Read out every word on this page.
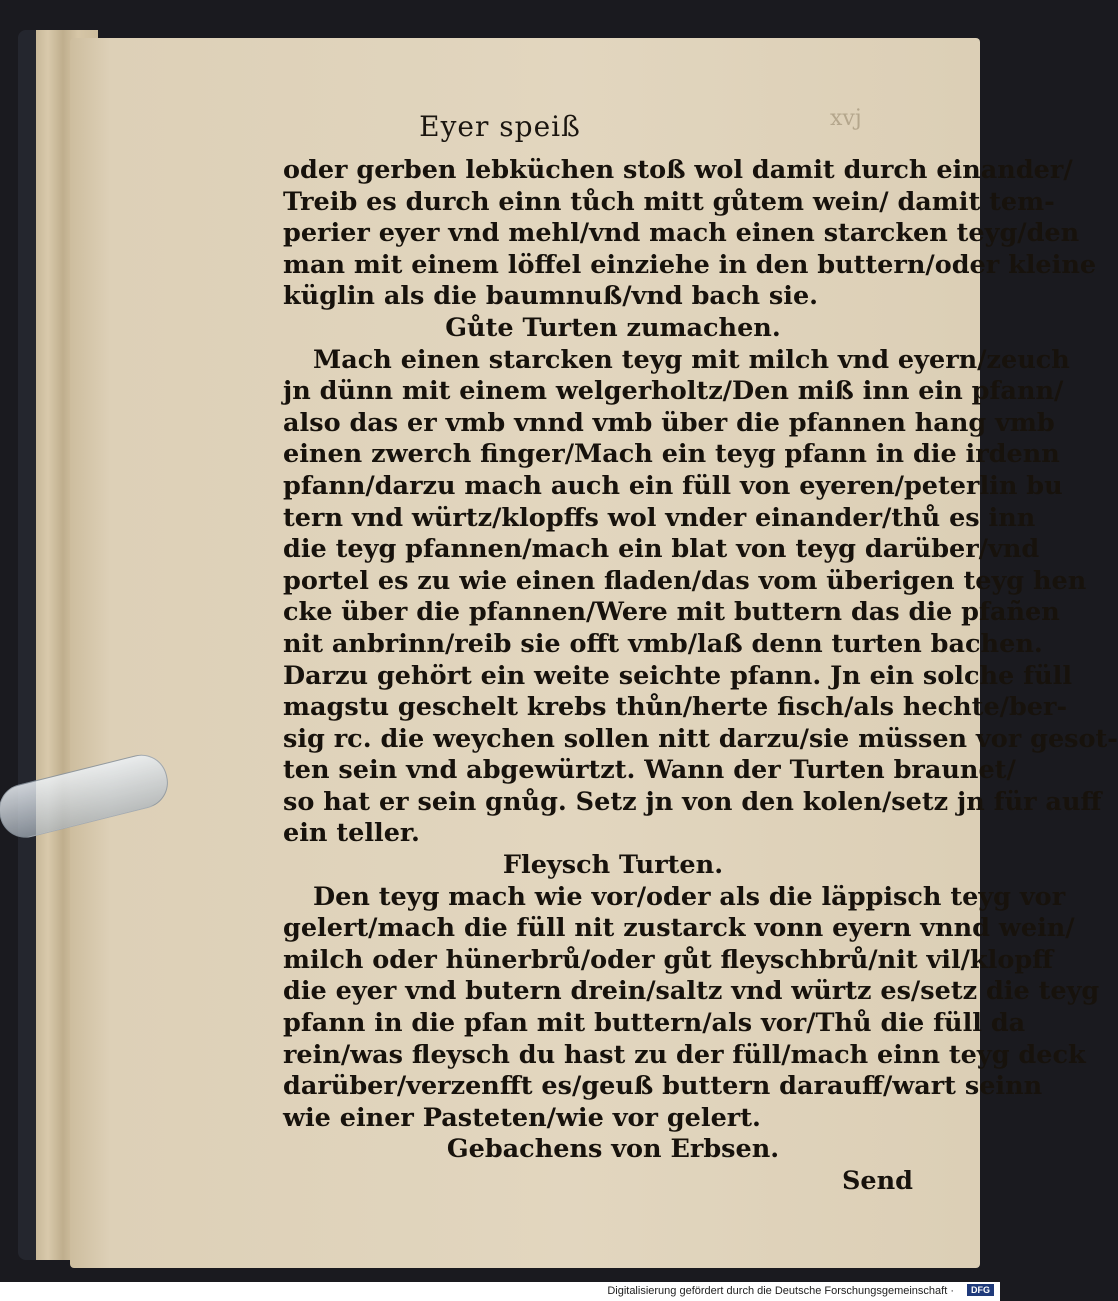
Eyer speiß	xvj
oder gerben lebküchen stoß wol damit durch einander/
Treib es durch einn tůch mitt gůtem wein/ damit tem-
perier eyer vnd mehl/vnd mach einen starcken teyg/den
man mit einem löffel einziehe in den buttern/oder kleine
küglin als die baumnuß/vnd bach sie.
Gůte Turten zumachen.
Mach einen starcken teyg mit milch vnd eyern/zeuch
jn dünn mit einem welgerholtz/Den miß inn ein pfann/
also das er vmb vnnd vmb über die pfannen hang vmb
einen zwerch finger/Mach ein teyg pfann in die irdenn
pfann/darzu mach auch ein füll von eyeren/peterlin bu
tern vnd würtz/klopffs wol vnder einander/thů es inn
die teyg pfannen/mach ein blat von teyg darüber/vnd
portel es zu wie einen fladen/das vom überigen teyg hen
cke über die pfannen/Were mit buttern das die pfañen
nit anbrinn/reib sie offt vmb/laß denn turten bachen.
Darzu gehört ein weite seichte pfann. Jn ein solche füll
magstu geschelt krebs thůn/herte fisch/als hechte/ber-
sig rc. die weychen sollen nitt darzu/sie müssen vor gesot-
ten sein vnd abgewürtzt. Wann der Turten braunet/
so hat er sein gnůg. Setz jn von den kolen/setz jn für auff
ein teller.
Fleysch Turten.
Den teyg mach wie vor/oder als die läppisch teyg vor
gelert/mach die füll nit zustarck vonn eyern vnnd wein/
milch oder hünerbrů/oder gůt fleyschbrů/nit vil/klopff
die eyer vnd butern drein/saltz vnd würtz es/setz die teyg
pfann in die pfan mit buttern/als vor/Thů die füll da
rein/was fleysch du hast zu der füll/mach einn teyg deck
darüber/verzenfft es/geuß buttern darauff/wart seinn
wie einer Pasteten/wie vor gelert.
Gebachens von Erbsen.
Send
Digitalisierung gefördert durch die Deutsche Forschungsgemeinschaft ·	DFG
